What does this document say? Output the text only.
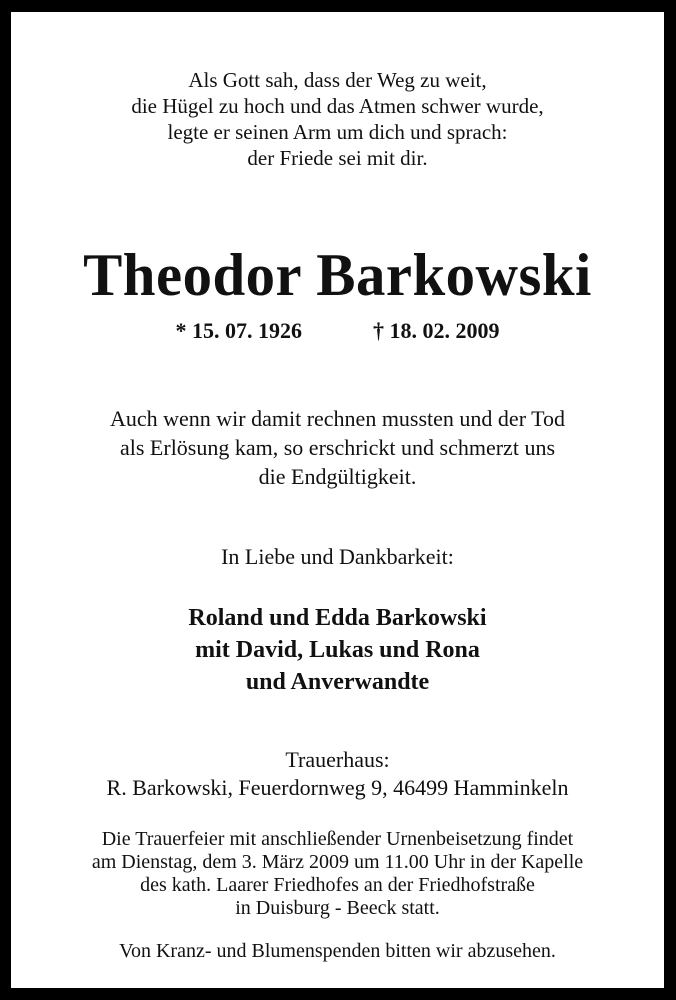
Als Gott sah, dass der Weg zu weit,
die Hügel zu hoch und das Atmen schwer wurde,
legte er seinen Arm um dich und sprach:
der Friede sei mit dir.
Theodor Barkowski
* 15. 07. 1926	† 18. 02. 2009
Auch wenn wir damit rechnen mussten und der Tod
als Erlösung kam, so erschrickt und schmerzt uns
die Endgültigkeit.
In Liebe und Dankbarkeit:
Roland und Edda Barkowski
mit David, Lukas und Rona
und Anverwandte
Trauerhaus:
R. Barkowski, Feuerdornweg 9, 46499 Hamminkeln
Die Trauerfeier mit anschließender Urnenbeisetzung findet
am Dienstag, dem 3. März 2009 um 11.00 Uhr in der Kapelle
des kath. Laarer Friedhofes an der Friedhofstraße
in Duisburg - Beeck statt.
Von Kranz- und Blumenspenden bitten wir abzusehen.
